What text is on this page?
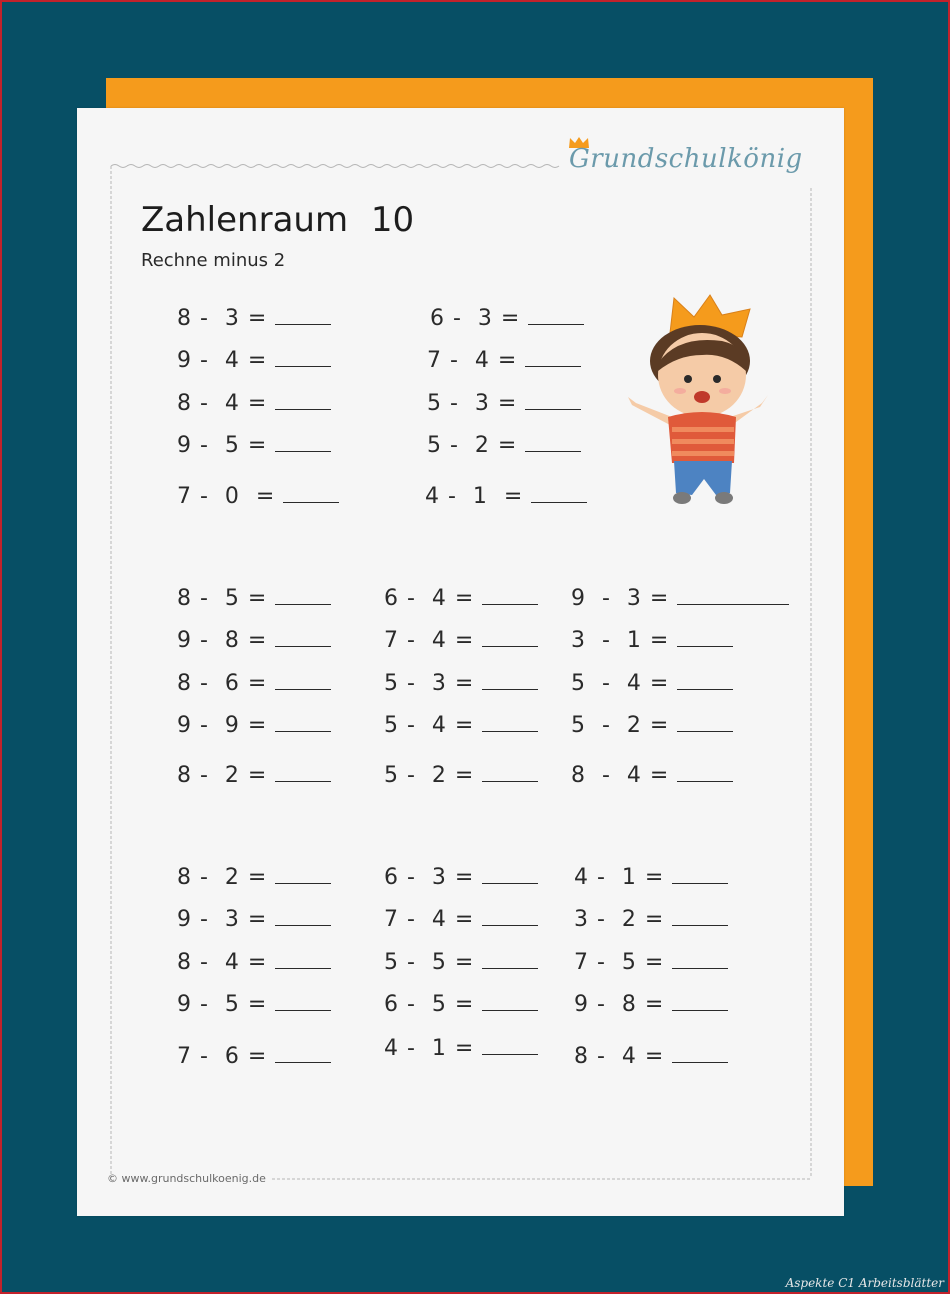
Grundschulkönig
Zahlenraum 10
Rechne minus 2
8 -  3 =
9 -  4 =
8 -  4 =
9 -  5 =
7 -  0  =
6 -  3 =
7 -  4 =
5 -  3 =
5 -  2 =
4 -  1  =
8 -  5 =
9 -  8 =
8 -  6 =
9 -  9 =
8 -  2 =
6 -  4 =
7 -  4 =
5 -  3 =
5 -  4 =
5 -  2 =
9  -  3 =
3  -  1 =
5  -  4 =
5  -  2 =
8  -  4 =
8 -  2 =
9 -  3 =
8 -  4 =
9 -  5 =
7 -  6 =
6 -  3 =
7 -  4 =
5 -  5 =
6 -  5 =
4 -  1 =
4 -  1 =
3 -  2 =
7 -  5 =
9 -  8 =
8 -  4 =
© www.grundschulkoenig.de
Aspekte C1 Arbeitsblätter
